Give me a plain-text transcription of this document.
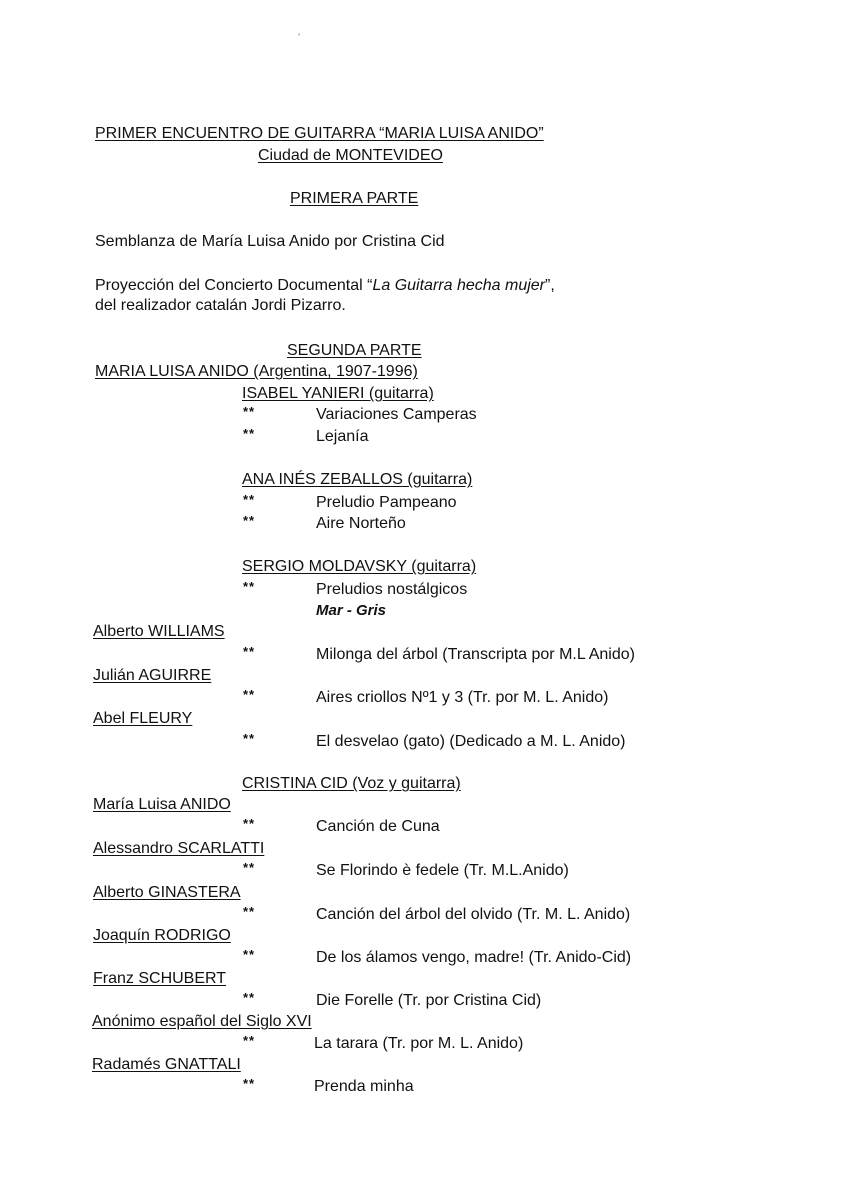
‘
PRIMER ENCUENTRO DE GUITARRA “MARIA LUISA ANIDO”
Ciudad de MONTEVIDEO
PRIMERA PARTE
Semblanza de María Luisa Anido por Cristina Cid
Proyección del Concierto Documental “La Guitarra hecha mujer”,
del realizador catalán Jordi Pizarro.
SEGUNDA PARTE
MARIA LUISA ANIDO (Argentina, 1907-1996)
ISABEL YANIERI (guitarra)
**	Variaciones Camperas
**	Lejanía
ANA INÉS ZEBALLOS (guitarra)
**	Preludio Pampeano
**	Aire Norteño
SERGIO MOLDAVSKY (guitarra)
**	Preludios nostálgicos
Mar - Gris
Alberto WILLIAMS
**	Milonga del árbol (Transcripta por M.L Anido)
Julián AGUIRRE
**	Aires criollos Nº1 y 3 (Tr. por M. L. Anido)
Abel FLEURY
**	El desvelao (gato) (Dedicado a M. L. Anido)
CRISTINA CID (Voz y guitarra)
María Luisa ANIDO
**	Canción de Cuna
Alessandro SCARLATTI
**	Se Florindo è fedele (Tr. M.L.Anido)
Alberto GINASTERA
**	Canción del árbol del olvido (Tr. M. L. Anido)
Joaquín RODRIGO
**	De los álamos vengo, madre! (Tr. Anido-Cid)
Franz SCHUBERT
**	Die Forelle (Tr. por Cristina Cid)
Anónimo español del Siglo XVI
**	La tarara (Tr. por M. L. Anido)
Radamés GNATTALI
**	Prenda minha
